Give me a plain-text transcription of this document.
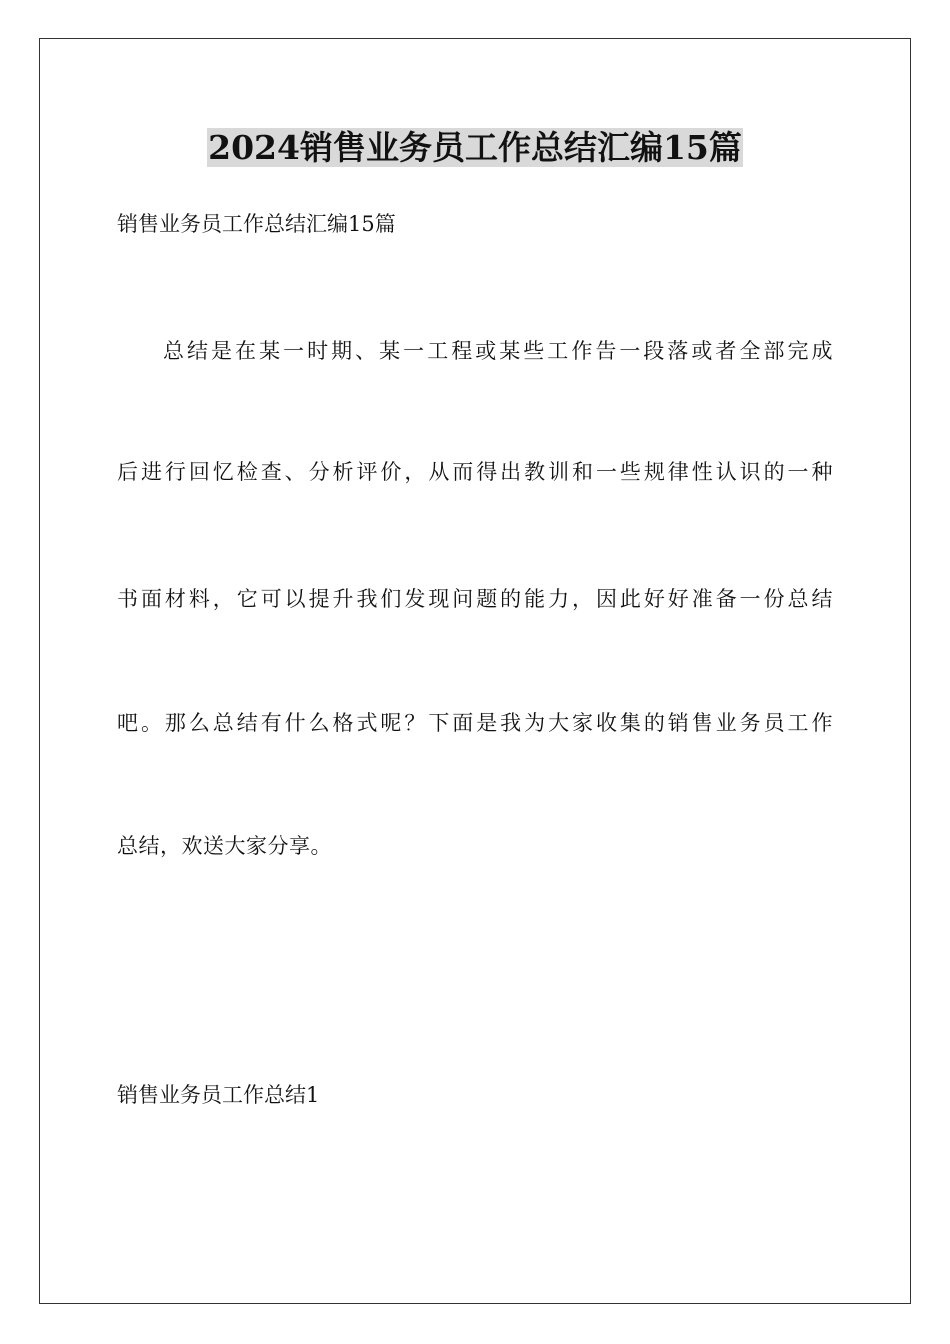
2024销售业务员工作总结汇编15篇

销售业务员工作总结汇编15篇

总结是在某一时期、某一工程或某些工作告一段落或者全部完成

后进行回忆检查、分析评价，从而得出教训和一些规律性认识的一种

书面材料，它可以提升我们发现问题的能力，因此好好准备一份总结

吧。那么总结有什么格式呢？下面是我为大家收集的销售业务员工作

总结，欢送大家分享。

销售业务员工作总结1
